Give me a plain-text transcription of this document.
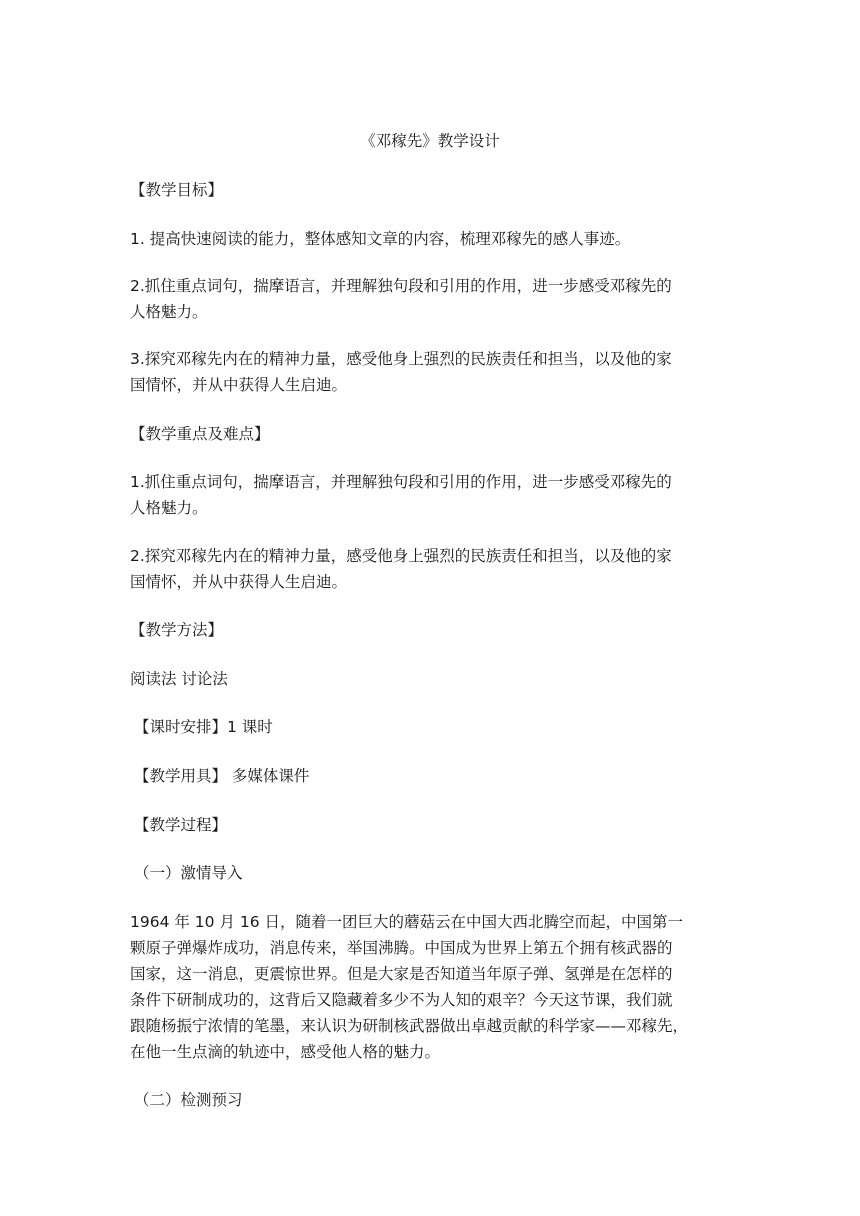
《邓稼先》教学设计
【教学目标】
1. 提高快速阅读的能力，整体感知文章的内容，梳理邓稼先的感人事迹。
2.抓住重点词句，揣摩语言，并理解独句段和引用的作用，进一步感受邓稼先的
人格魅力。
3.探究邓稼先内在的精神力量，感受他身上强烈的民族责任和担当，以及他的家
国情怀，并从中获得人生启迪。
【教学重点及难点】
1.抓住重点词句，揣摩语言，并理解独句段和引用的作用，进一步感受邓稼先的
人格魅力。
2.探究邓稼先内在的精神力量，感受他身上强烈的民族责任和担当，以及他的家
国情怀，并从中获得人生启迪。
【教学方法】
阅读法 讨论法
【课时安排】1 课时
【教学用具】 多媒体课件
【教学过程】
（一）激情导入
1964 年 10 月 16 日，随着一团巨大的蘑菇云在中国大西北腾空而起，中国第一
颗原子弹爆炸成功，消息传来，举国沸腾。中国成为世界上第五个拥有核武器的
国家，这一消息，更震惊世界。但是大家是否知道当年原子弹、氢弹是在怎样的
条件下研制成功的，这背后又隐藏着多少不为人知的艰辛？今天这节课，我们就
跟随杨振宁浓情的笔墨，来认识为研制核武器做出卓越贡献的科学家——邓稼先，
在他一生点滴的轨迹中，感受他人格的魅力。
（二）检测预习
